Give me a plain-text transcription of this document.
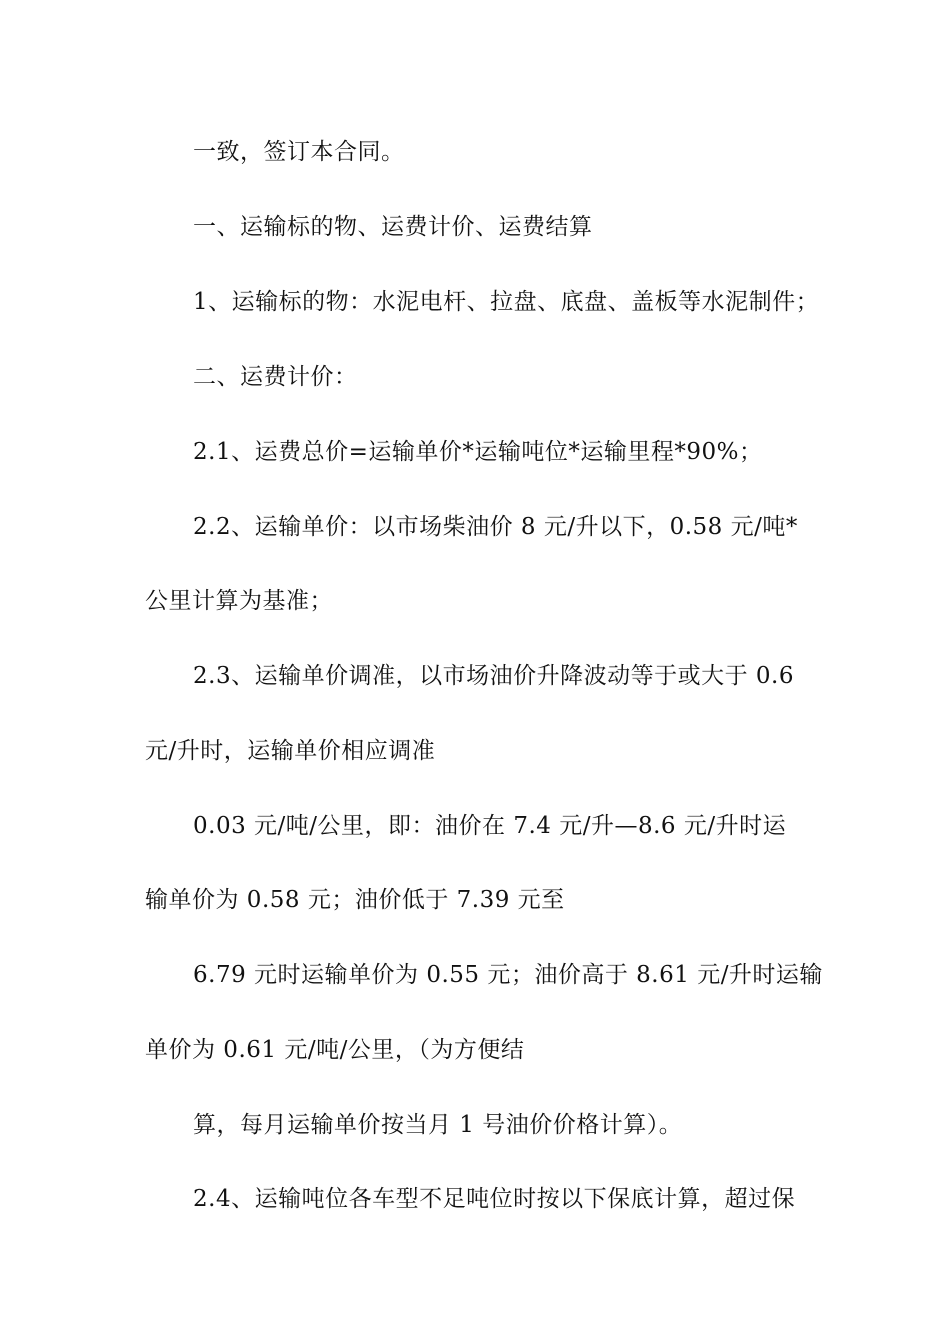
一致，签订本合同。
一、运输标的物、运费计价、运费结算
1、运输标的物：水泥电杆、拉盘、底盘、盖板等水泥制件；
二、运费计价：
2.1、运费总价=运输单价*运输吨位*运输里程*90%；
2.2、运输单价：以市场柴油价 8 元/升以下，0.58 元/吨*
公里计算为基准；
2.3、运输单价调准，以市场油价升降波动等于或大于 0.6
元/升时，运输单价相应调准
0.03 元/吨/公里，即：油价在 7.4 元/升—8.6 元/升时运
输单价为 0.58 元；油价低于 7.39 元至
6.79 元时运输单价为 0.55 元；油价高于 8.61 元/升时运输
单价为 0.61 元/吨/公里，（为方便结
算，每月运输单价按当月 1 号油价价格计算）。
2.4、运输吨位各车型不足吨位时按以下保底计算，超过保
